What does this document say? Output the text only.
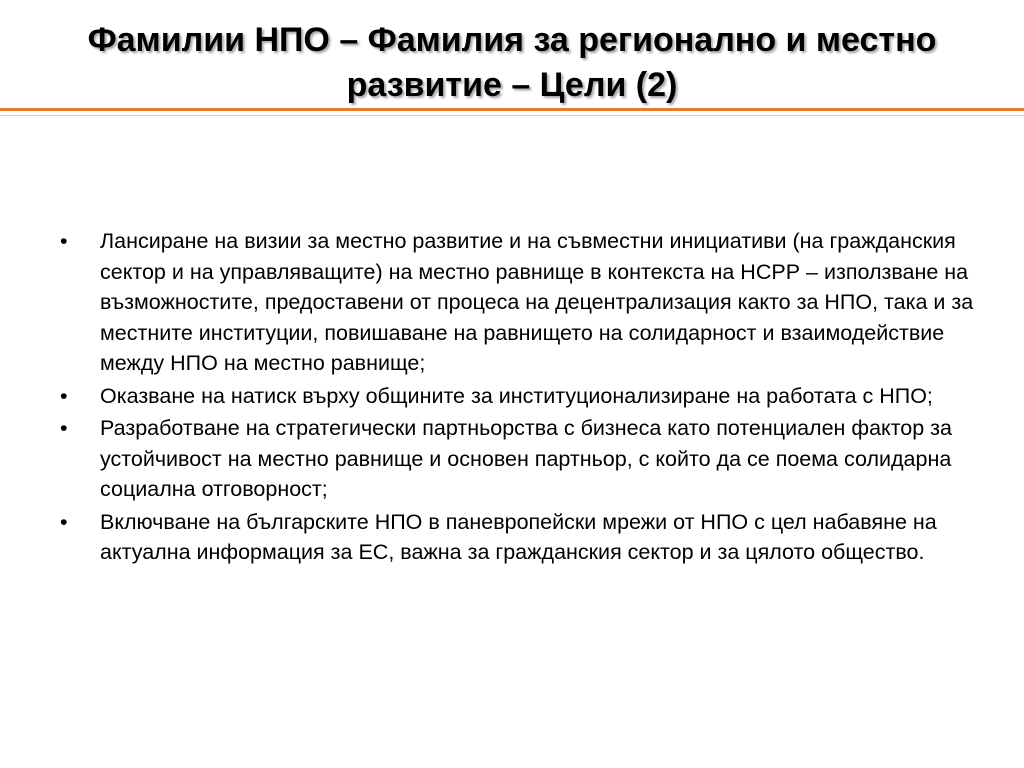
Фамилии НПО – Фамилия за регионално и местно
развитие – Цели (2)
•	Лансиране на визии за местно развитие и на съвместни инициативи (на гражданския сектор и на управляващите) на местно равнище в контекста на НСРР – използване на възможностите, предоставени от процеса на децентрализация както за НПО, така и за местните институции, повишаване на равнището на солидарност и взаимодействие между НПО на местно равнище;
•	Оказване на натиск върху общините за институционализиране на работата с НПО;
•	Разработване на стратегически партньорства с бизнеса като потенциален фактор за устойчивост на местно равнище и основен партньор, с който да се поема солидарна социална отговорност;
•	Включване на българските НПО в паневропейски мрежи от НПО с цел набавяне на актуална информация за ЕС, важна за гражданския сектор и за цялото общество.
